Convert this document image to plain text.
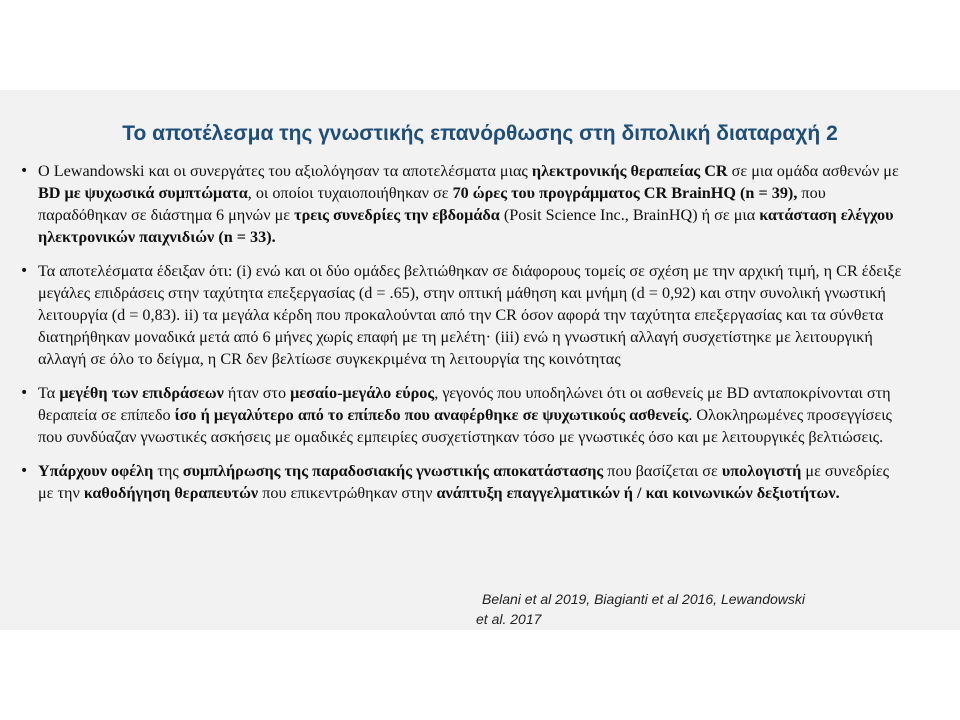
Το αποτέλεσμα της γνωστικής επανόρθωσης στη διπολική διαταραχή 2
• Ο Lewandowski και οι συνεργάτες του αξιολόγησαν τα αποτελέσματα μιας ηλεκτρονικής θεραπείας CR σε μια ομάδα ασθενών με BD με ψυχωσικά συμπτώματα, οι οποίοι τυχαιοποιήθηκαν σε 70 ώρες του προγράμματος CR BrainHQ (n = 39), που παραδόθηκαν σε διάστημα 6 μηνών με τρεις συνεδρίες την εβδομάδα (Posit Science Inc., BrainHQ) ή σε μια κατάσταση ελέγχου ηλεκτρονικών παιχνιδιών (n = 33).
• Τα αποτελέσματα έδειξαν ότι: (i) ενώ και οι δύο ομάδες βελτιώθηκαν σε διάφορους τομείς σε σχέση με την αρχική τιμή, η CR έδειξε μεγάλες επιδράσεις στην ταχύτητα επεξεργασίας (d = .65), στην οπτική μάθηση και μνήμη (d = 0,92) και στην συνολική γνωστική λειτουργία (d = 0,83). ii) τα μεγάλα κέρδη που προκαλούνται από την CR όσον αφορά την ταχύτητα επεξεργασίας και τα σύνθετα διατηρήθηκαν μοναδικά μετά από 6 μήνες χωρίς επαφή με τη μελέτη· (iii) ενώ η γνωστική αλλαγή συσχετίστηκε με λειτουργική αλλαγή σε όλο το δείγμα, η CR δεν βελτίωσε συγκεκριμένα τη λειτουργία της κοινότητας
• Τα μεγέθη των επιδράσεων ήταν στο μεσαίο-μεγάλο εύρος, γεγονός που υποδηλώνει ότι οι ασθενείς με BD ανταποκρίνονται στη θεραπεία σε επίπεδο ίσο ή μεγαλύτερο από το επίπεδο που αναφέρθηκε σε ψυχωτικούς ασθενείς. Ολοκληρωμένες προσεγγίσεις που συνδύαζαν γνωστικές ασκήσεις με ομαδικές εμπειρίες συσχετίστηκαν τόσο με γνωστικές όσο και με λειτουργικές βελτιώσεις.
• Υπάρχουν οφέλη της συμπλήρωσης της παραδοσιακής γνωστικής αποκατάστασης που βασίζεται σε υπολογιστή με συνεδρίες με την καθοδήγηση θεραπευτών που επικεντρώθηκαν στην ανάπτυξη επαγγελματικών ή / και κοινωνικών δεξιοτήτων.
Belani et al 2019, Biagianti et al 2016, Lewandowski
et al. 2017
